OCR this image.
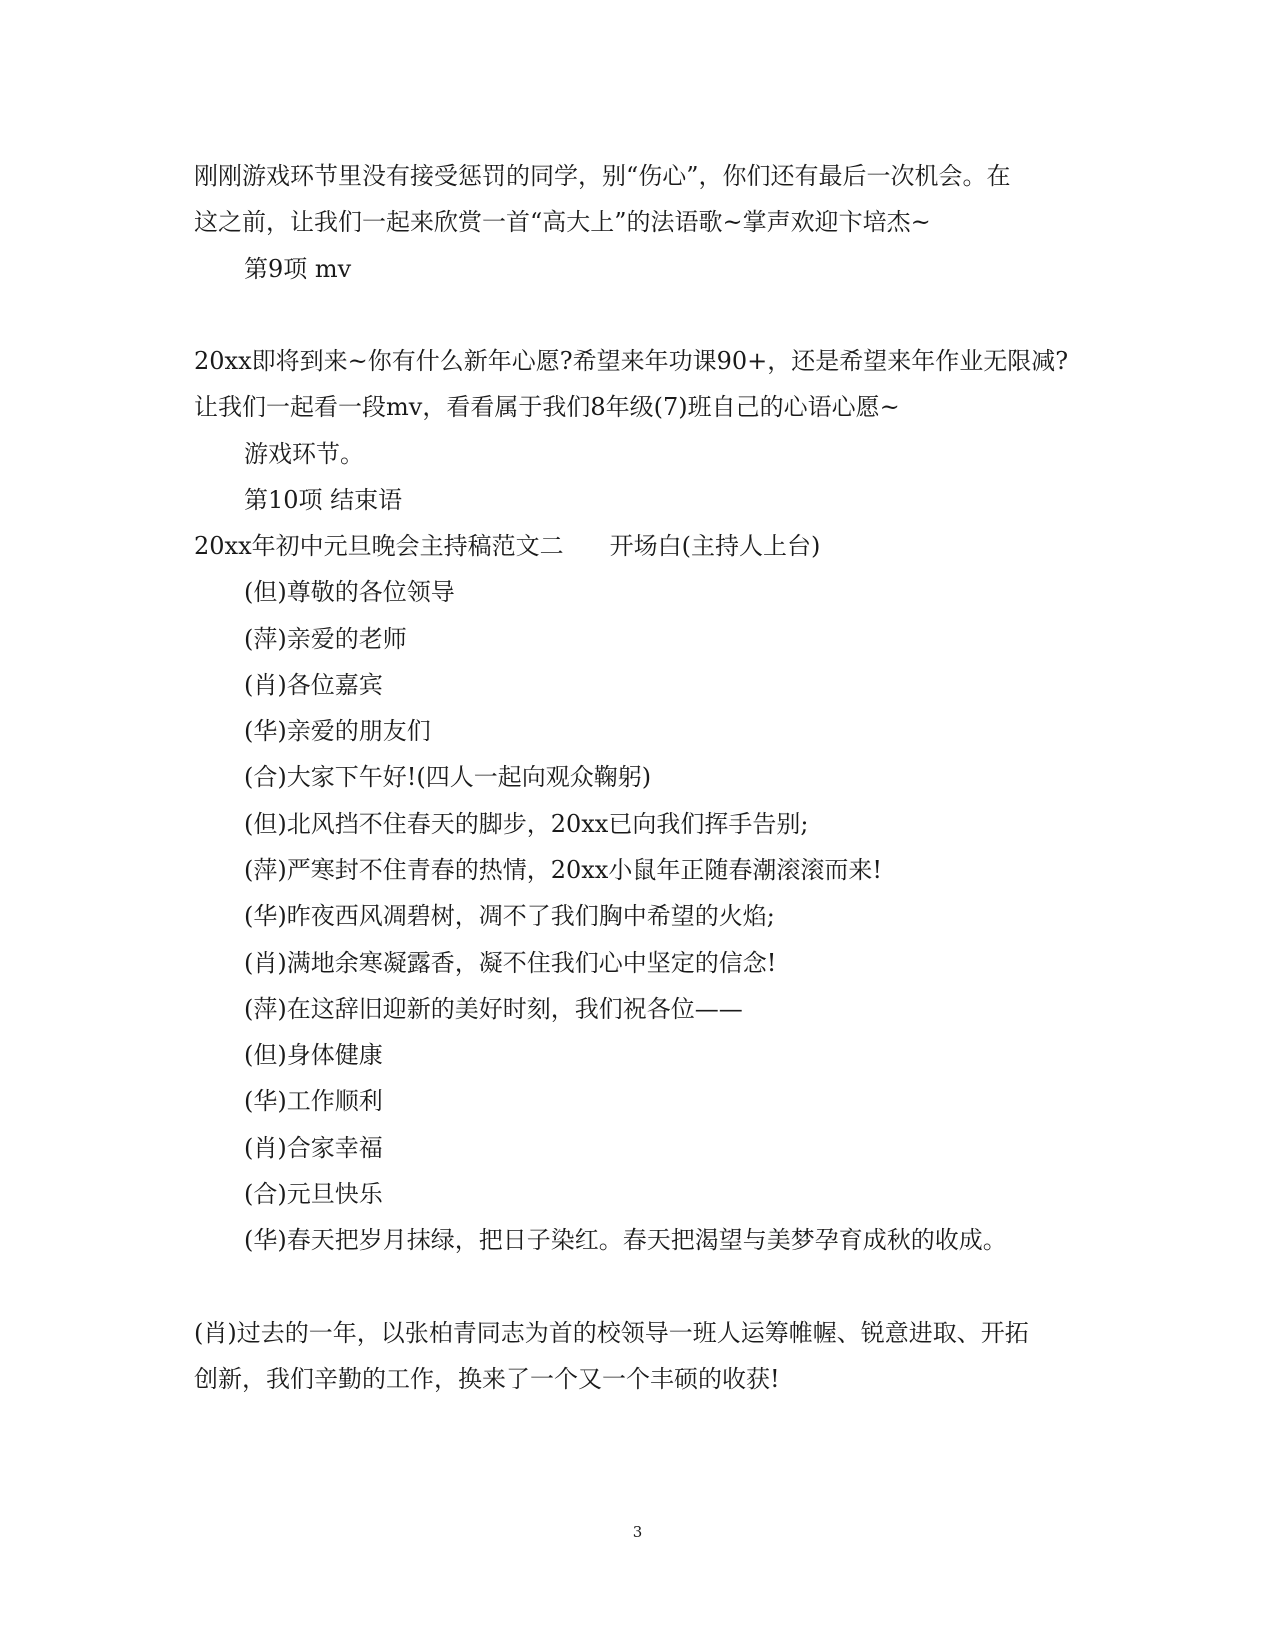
刚刚游戏环节里没有接受惩罚的同学，别“伤心”，你们还有最后一次机会。在
这之前，让我们一起来欣赏一首“高大上”的法语歌~掌声欢迎卞培杰~
第9项 mv
20xx即将到来~你有什么新年心愿?希望来年功课90+，还是希望来年作业无限减?
让我们一起看一段mv，看看属于我们8年级(7)班自己的心语心愿~
游戏环节。
第10项 结束语
20xx年初中元旦晚会主持稿范文二 开场白(主持人上台)
(但)尊敬的各位领导
(萍)亲爱的老师
(肖)各位嘉宾
(华)亲爱的朋友们
(合)大家下午好!(四人一起向观众鞠躬)
(但)北风挡不住春天的脚步，20xx已向我们挥手告别;
(萍)严寒封不住青春的热情，20xx小鼠年正随春潮滚滚而来!
(华)昨夜西风凋碧树，凋不了我们胸中希望的火焰;
(肖)满地余寒凝露香，凝不住我们心中坚定的信念!
(萍)在这辞旧迎新的美好时刻，我们祝各位——
(但)身体健康
(华)工作顺利
(肖)合家幸福
(合)元旦快乐
(华)春天把岁月抹绿，把日子染红。春天把渴望与美梦孕育成秋的收成。
(肖)过去的一年，以张柏青同志为首的校领导一班人运筹帷幄、锐意进取、开拓
创新，我们辛勤的工作，换来了一个又一个丰硕的收获!
3
